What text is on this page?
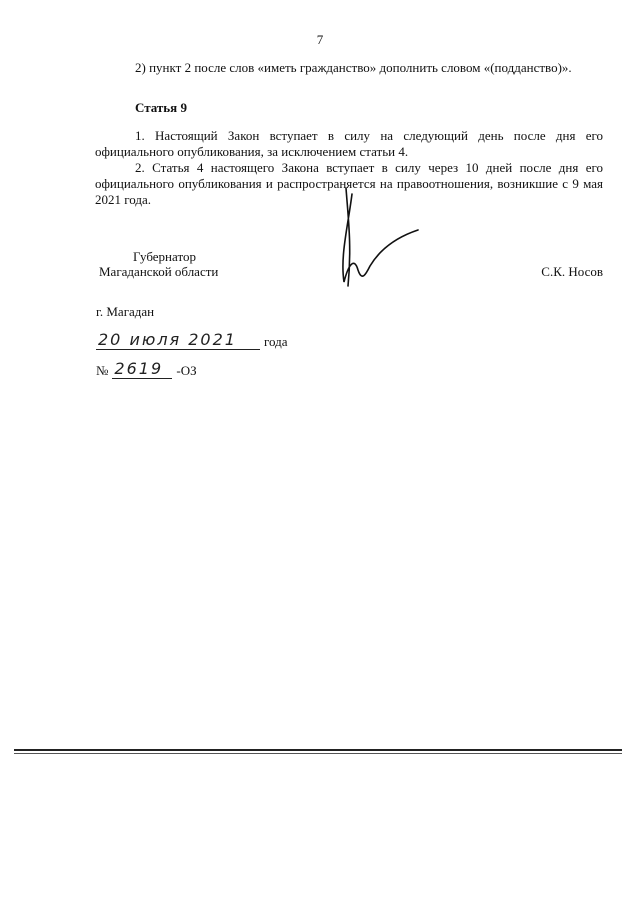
7
2) пункт 2 после слов «иметь гражданство» дополнить словом «(подданство)».
Статья 9
1. Настоящий Закон вступает в силу на следующий день после дня его официального опубликования, за исключением статьи 4.
2. Статья 4 настоящего Закона вступает в силу через 10 дней после дня его официального опубликования и распространяется на правоотношения, возникшие с 9 мая 2021 года.
Губернатор
Магаданской области	С.К. Носов
г. Магадан
20 июля 2021	года
№ 2619	-ОЗ
